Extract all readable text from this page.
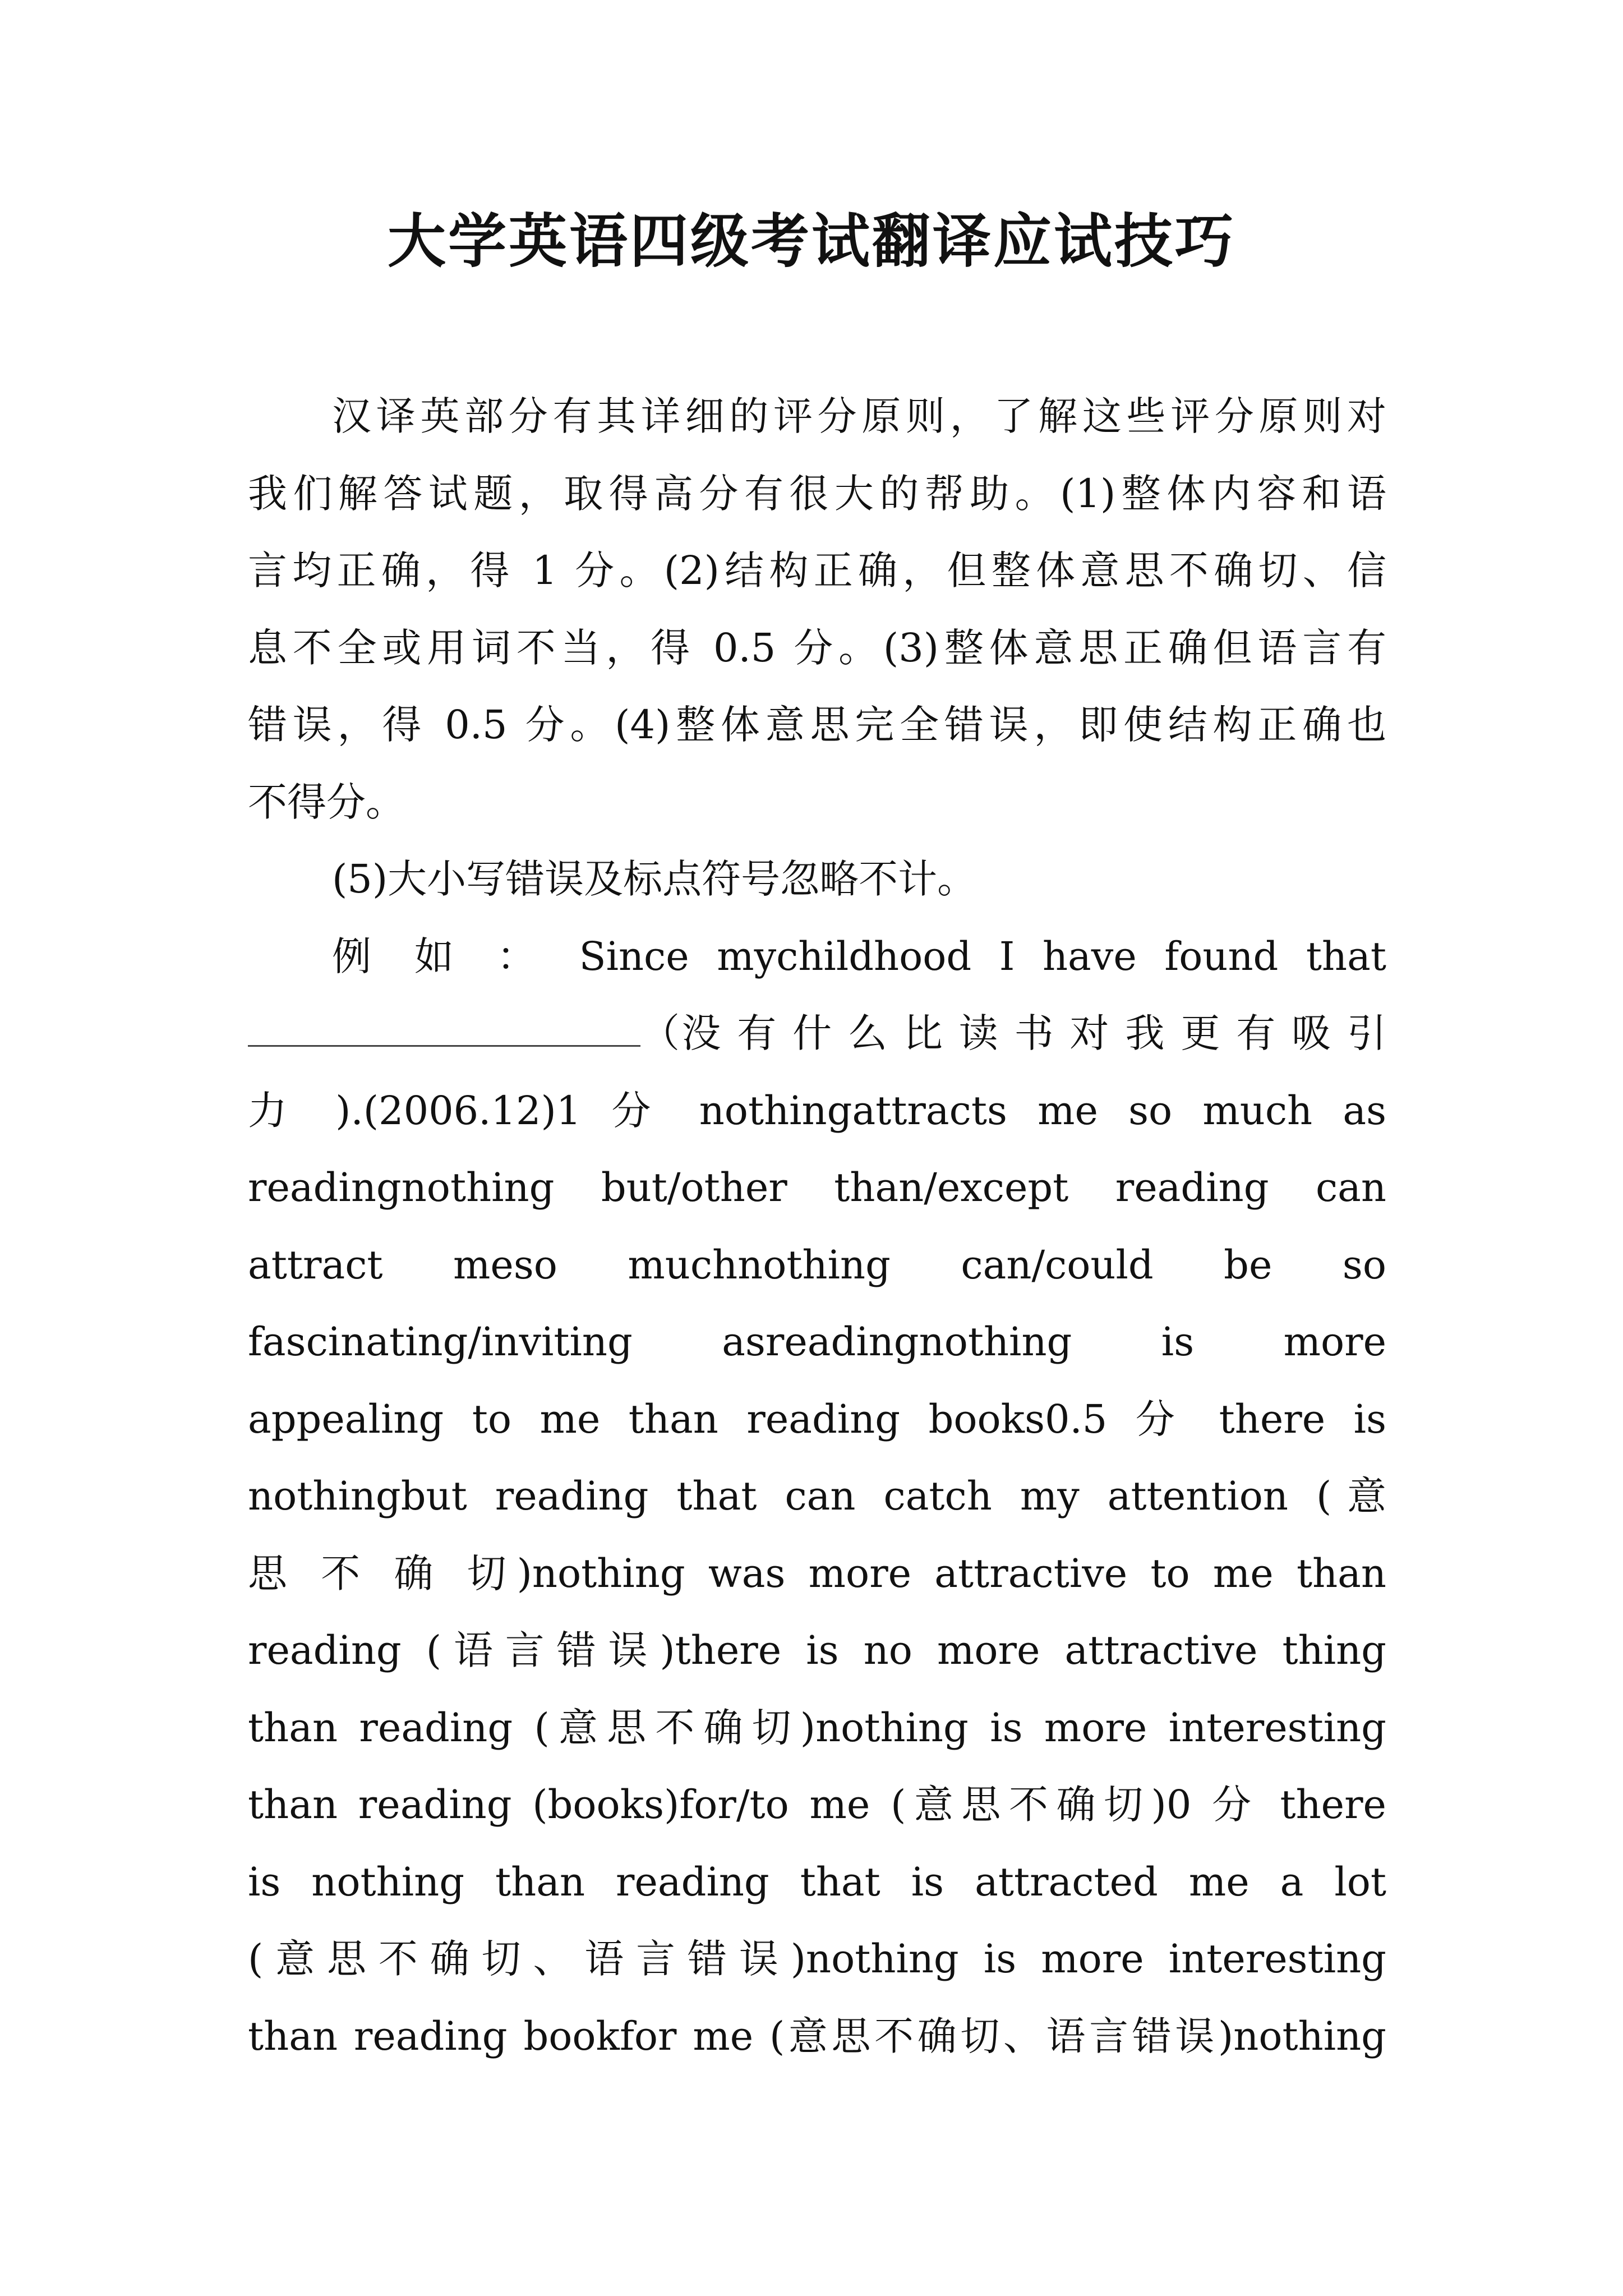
大学英语四级考试翻译应试技巧
汉译英部分有其详细的评分原则，了解这些评分原则对
我们解答试题，取得高分有很大的帮助。(1)整体内容和语
言均正确，得 1 分。(2)结构正确，但整体意思不确切、信
息不全或用词不当，得 0.5 分。(3)整体意思正确但语言有
错误，得 0.5 分。(4)整体意思完全错误，即使结构正确也
不得分。
(5)大小写错误及标点符号忽略不计。
例 如 ： Since mychildhood I have found that
（没 有 什 么 比 读 书 对 我 更 有 吸 引
力 ).(2006.12)1 分 nothingattracts me so much as
readingnothing but/other than/except reading can
attract meso muchnothing can/could be so
fascinating/inviting asreadingnothing is more
appealing to me than reading books0.5 分 there is
nothingbut reading that can catch my attention (意
思 不 确 切)nothing was more attractive to me than
reading (语言错误)there is no more attractive thing
than reading (意思不确切)nothing is more interesting
than reading (books)for/to me (意思不确切)0 分 there
is nothing than reading that is attracted me a lot
(意思不确切、语言错误)nothing is more interesting
than reading bookfor me (意思不确切、语言错误)nothing
